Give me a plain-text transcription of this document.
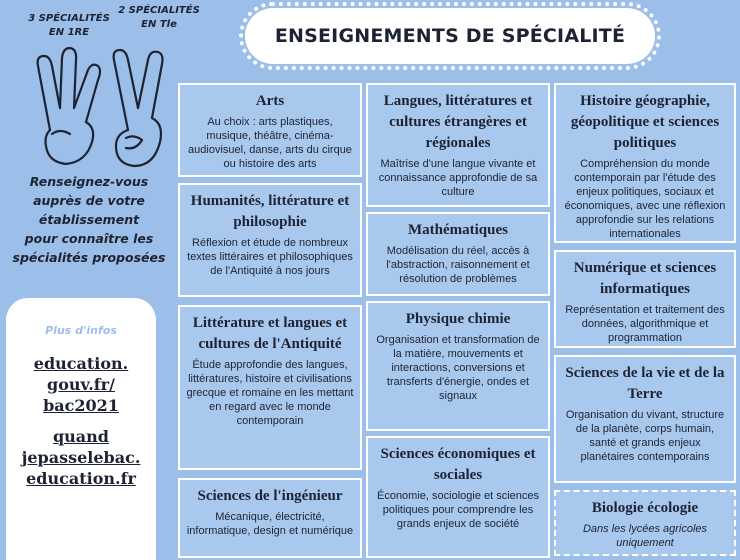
3 SPÉCIALITÉS
EN 1RE
2 SPÉCIALITÉS
EN Tle
Renseignez-vous
auprès de votre
établissement
pour connaître les
spécialités proposées
ENSEIGNEMENTS DE SPÉCIALITÉ
Plus d'infos
education.
gouv.fr/
bac2021
quand
jepasselebac.
education.fr
Arts

Au choix : arts plastiques, musique, théâtre, cinéma-audiovisuel, danse, arts du cirque ou histoire des arts

Humanités, littérature et philosophie

Réflexion et étude de nombreux textes littéraires et philosophiques de l'Antiquité à nos jours

Littérature et langues et cultures de l'Antiquité

Étude approfondie des langues, littératures, histoire et civilisations grecque et romaine en les mettant en regard avec le monde contemporain

Sciences de l'ingénieur

Mécanique, électricité, informatique, design et numérique

Langues, littératures et cultures étrangères et régionales

Maîtrise d'une langue vivante et connaissance approfondie de sa culture

Mathématiques

Modélisation du réel, accès à l'abstraction, raisonnement et résolution de problèmes

Physique chimie

Organisation et transformation de la matière, mouvements et interactions, conversions et transferts d'énergie, ondes et signaux

Sciences économiques et sociales

Économie, sociologie et sciences politiques pour comprendre les grands enjeux de société

Histoire géographie, géopolitique et sciences politiques

Compréhension du monde contemporain par l'étude des enjeux politiques, sociaux et économiques, avec une réflexion approfondie sur les relations internationales

Numérique et sciences informatiques

Représentation et traitement des données, algorithmique et programmation

Sciences de la vie et de la Terre

Organisation du vivant, structure de la planète, corps humain, santé et grands enjeux planétaires contemporains

Biologie écologie

Dans les lycées agricoles uniquement
